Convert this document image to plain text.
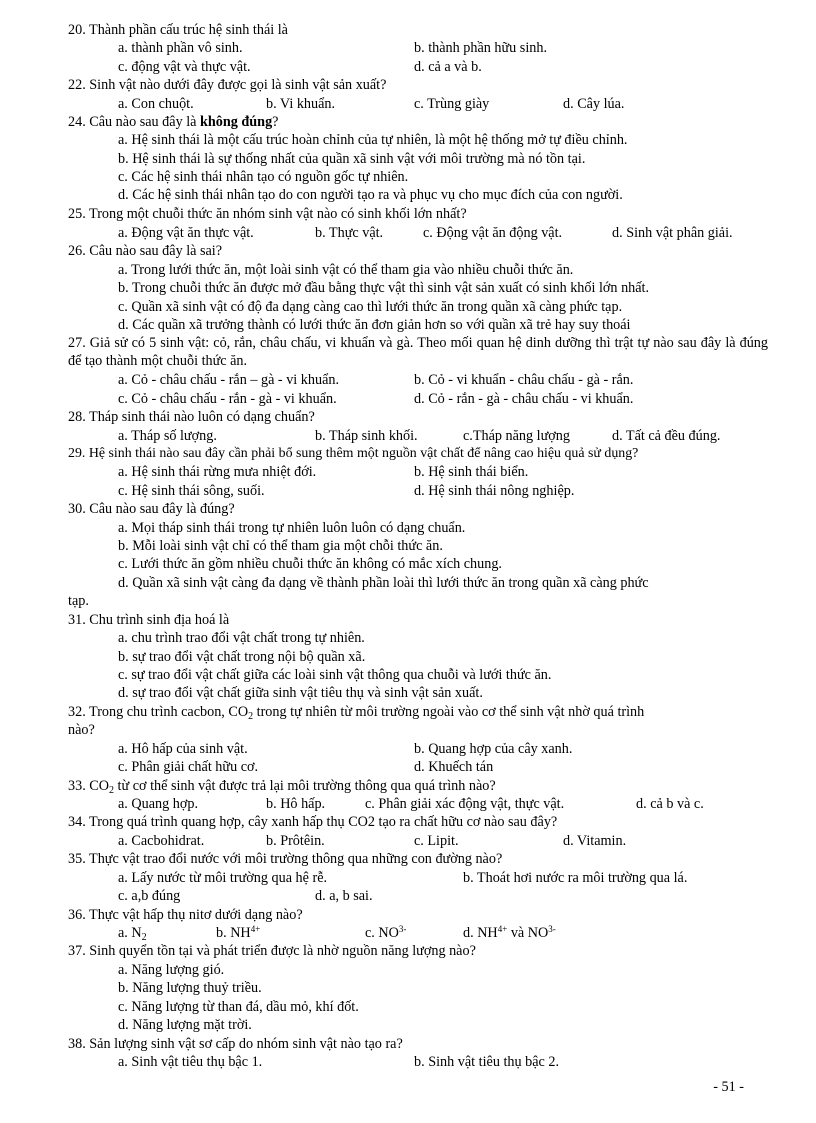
20. Thành phần cấu trúc hệ sinh thái là
a. thành phần vô sinh.	b. thành phần hữu sinh.
c. động vật và thực vật.	d. cả a và b.
22. Sinh vật nào dưới đây được gọi là sinh vật sản xuất?
a. Con chuột.	b. Vi khuẩn.	c. Trùng giày	d. Cây lúa.
24. Câu nào sau đây là không đúng?
a. Hệ sinh thái là một cấu trúc hoàn chỉnh của tự nhiên, là một hệ thống mở tự điều chỉnh.
b. Hệ sinh thái là sự thống nhất của quần xã sinh vật với môi trường mà nó tồn tại.
c. Các hệ sinh thái nhân tạo có nguồn gốc tự nhiên.
d. Các hệ sinh thái nhân tạo do con người tạo ra và phục vụ cho mục đích của con người.
25. Trong một chuỗi thức ăn nhóm sinh vật nào có sinh khối lớn nhất?
a. Động vật ăn thực vật.	b. Thực vật.	c. Động vật ăn động vật.	d. Sinh vật phân giải.
26. Câu nào sau đây là sai?
a. Trong lưới thức ăn, một loài sinh vật có thể tham gia vào nhiều chuỗi thức ăn.
b. Trong chuỗi thức ăn được mở đầu bằng thực vật thì sinh vật sản xuất có sinh khối lớn nhất.
c. Quần xã sinh vật có độ đa dạng càng cao thì lưới thức ăn trong quần xã càng phức tạp.
d. Các quần xã trưởng thành có lưới thức ăn đơn giản hơn so với quần xã trẻ hay suy thoái
27. Giả sử có 5 sinh vật: cỏ, rắn, châu chấu, vi khuẩn và gà. Theo mối quan hệ dinh dưỡng thì trật tự nào sau đây là đúng để tạo thành một chuỗi thức ăn.
a. Cỏ - châu chấu - rắn – gà - vi khuẩn.	b. Cỏ - vi khuẩn - châu chấu - gà - rắn.
c. Cỏ - châu chấu - rắn - gà - vi khuẩn.	d. Cỏ - rắn - gà - châu chấu - vi khuẩn.
28. Tháp sinh thái nào luôn có dạng chuẩn?
a. Tháp số lượng.	b. Tháp sinh khối.	c.Tháp năng lượng	d. Tất cả đều đúng.
29. Hệ sinh thái nào sau đây cần phải bổ sung thêm một nguồn vật chất để nâng cao hiệu quả sử dụng?
a. Hệ sinh thái rừng mưa nhiệt đới.	b. Hệ sinh thái biển.
c. Hệ sinh thái sông, suối.	d. Hệ sinh thái nông nghiệp.
30. Câu nào sau đây là đúng?
a. Mọi tháp sinh thái trong tự nhiên luôn luôn có dạng chuẩn.
b. Mỗi loài sinh vật chỉ có thể tham gia một chỗi thức ăn.
c. Lưới thức ăn gồm nhiều chuỗi thức ăn không có mắc xích chung.
d. Quần xã sinh vật càng đa dạng về thành phần loài thì lưới thức ăn trong quần xã càng phức
tạp.
31. Chu trình sinh địa hoá là
a. chu trình trao đổi vật chất trong tự nhiên.
b. sự trao đổi vật chất trong nội bộ quần xã.
c. sự trao đổi vật chất giữa các loài sinh vật thông qua chuỗi và lưới thức ăn.
d. sự trao đổi vật chất giữa sinh vật tiêu thụ và sinh vật sản xuất.
32. Trong chu trình cacbon, $CO_2$ trong tự nhiên từ môi trường ngoài vào cơ thể sinh vật nhờ quá trình
nào?
a. Hô hấp của sinh vật.	b. Quang hợp của cây xanh.
c. Phân giải chất hữu cơ.	d. Khuếch tán
33. $CO_2$ từ cơ thể sinh vật được trả lại môi trường thông qua quá trình nào?
a. Quang hợp.	b. Hô hấp.	c. Phân giải xác động vật, thực vật.	d. cả b và c.
34. Trong quá trình quang hợp, cây xanh hấp thụ CO2 tạo ra chất hữu cơ nào sau đây?
a. Cacbohidrat.	b. Prôtêin.	c. Lipit.	d. Vitamin.
35. Thực vật trao đổi nước với môi trường thông qua những con đường nào?
a. Lấy nước từ môi trường qua hệ rễ.	b. Thoát hơi nước ra môi trường qua lá.
c. a,b đúng	d. a, b sai.
36. Thực vật hấp thụ nitơ dưới dạng nào?
a. $N_2$	b. $NH^{4+}$	c. $NO^{3-}$	d. $NH^{4+}$ và $NO^{3-}$
37. Sinh quyển tồn tại và phát triển được là nhờ nguồn năng lượng nào?
a. Năng lượng gió.
b. Năng lượng thuỷ triều.
c. Năng lượng từ than đá, dầu mỏ, khí đốt.
d. Năng lượng mặt trời.
38. Sản lượng sinh vật sơ cấp do nhóm sinh vật nào tạo ra?
a. Sinh vật tiêu thụ bậc 1.	b. Sinh vật tiêu thụ bậc 2.
- 51 -
